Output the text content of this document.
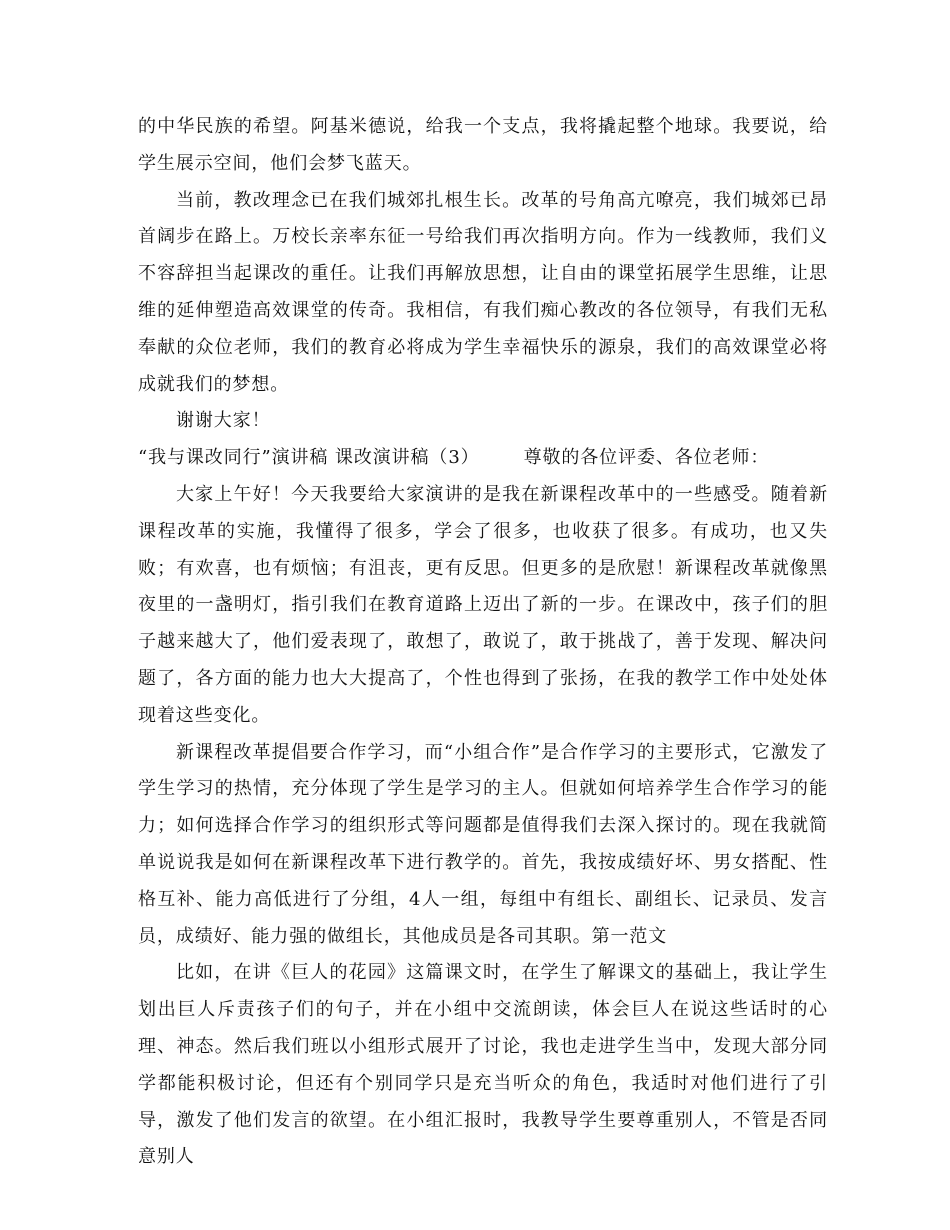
的中华民族的希望。阿基米德说，给我一个支点，我将撬起整个地球。我要说，给学生展示空间，他们会梦飞蓝天。

当前，教改理念已在我们城郊扎根生长。改革的号角高亢嘹亮，我们城郊已昂首阔步在路上。万校长亲率东征一号给我们再次指明方向。作为一线教师，我们义不容辞担当起课改的重任。让我们再解放思想，让自由的课堂拓展学生思维，让思维的延伸塑造高效课堂的传奇。我相信，有我们痴心教改的各位领导，有我们无私奉献的众位老师，我们的教育必将成为学生幸福快乐的源泉，我们的高效课堂必将成就我们的梦想。

谢谢大家！

“我与课改同行”演讲稿 课改演讲稿（3） 尊敬的各位评委、各位老师：

大家上午好！今天我要给大家演讲的是我在新课程改革中的一些感受。随着新课程改革的实施，我懂得了很多，学会了很多，也收获了很多。有成功，也又失败；有欢喜，也有烦恼；有沮丧，更有反思。但更多的是欣慰！新课程改革就像黑夜里的一盏明灯，指引我们在教育道路上迈出了新的一步。在课改中，孩子们的胆子越来越大了，他们爱表现了，敢想了，敢说了，敢于挑战了，善于发现、解决问题了，各方面的能力也大大提高了，个性也得到了张扬，在我的教学工作中处处体现着这些变化。

新课程改革提倡要合作学习，而“小组合作”是合作学习的主要形式，它激发了学生学习的热情，充分体现了学生是学习的主人。但就如何培养学生合作学习的能力；如何选择合作学习的组织形式等问题都是值得我们去深入探讨的。现在我就简单说说我是如何在新课程改革下进行教学的。首先，我按成绩好坏、男女搭配、性格互补、能力高低进行了分组，4人一组，每组中有组长、副组长、记录员、发言员，成绩好、能力强的做组长，其他成员是各司其职。第一范文

比如，在讲《巨人的花园》这篇课文时，在学生了解课文的基础上，我让学生划出巨人斥责孩子们的句子，并在小组中交流朗读，体会巨人在说这些话时的心理、神态。然后我们班以小组形式展开了讨论，我也走进学生当中，发现大部分同学都能积极讨论，但还有个别同学只是充当听众的角色，我适时对他们进行了引导，激发了他们发言的欲望。在小组汇报时，我教导学生要尊重别人，不管是否同意别人
